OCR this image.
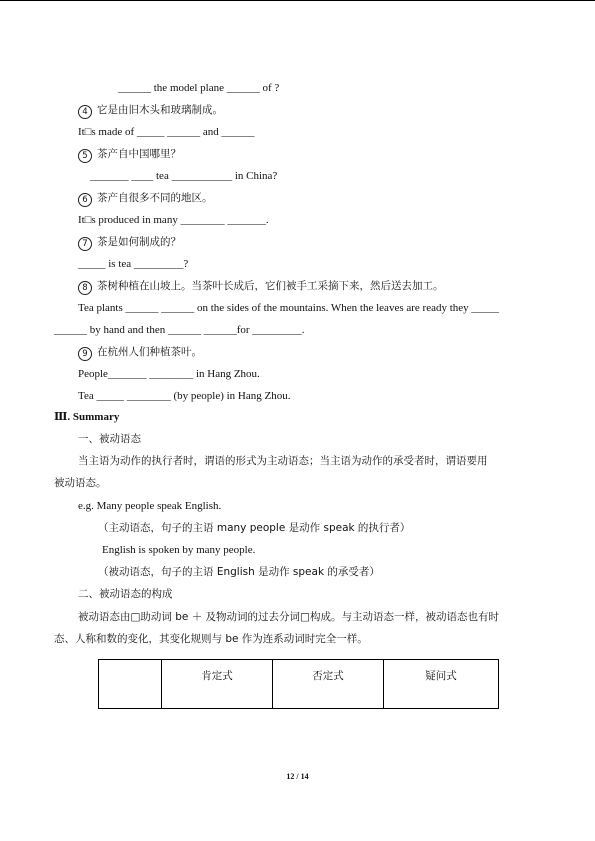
______ the model plane ______ of ?
4 它是由旧木头和玻璃制成。
It□s made of _____ ______ and ______
5 茶产自中国哪里？
_______ ____ tea ___________ in China?
6 茶产自很多不同的地区。
It□s produced in many ________ _______.
7 茶是如何制成的？
_____ is tea _________?
8 茶树种植在山坡上。当茶叶长成后，它们被手工采摘下来，然后送去加工。
Tea plants ______ ______ on the sides of the mountains. When the leaves are ready they _____
______ by hand and then ______ ______for _________.
9 在杭州人们种植茶叶。
People_______ ________ in Hang Zhou.
Tea _____ ________ (by people) in Hang Zhou.
Ⅲ. Summary
一、被动语态
当主语为动作的执行者时，谓语的形式为主动语态；当主语为动作的承受者时，谓语要用
被动语态。
e.g. Many people speak English.
（主动语态，句子的主语 many people 是动作 speak 的执行者）
English is spoken by many people.
（被动语态，句子的主语 English 是动作 speak 的承受者）
二、被动语态的构成
被动语态由□助动词 be ＋ 及物动词的过去分词□构成。与主动语态一样，被动语态也有时
态、人称和数的变化，其变化规则与 be 作为连系动词时完全一样。
	肯定式	否定式	疑问式
12 / 14
